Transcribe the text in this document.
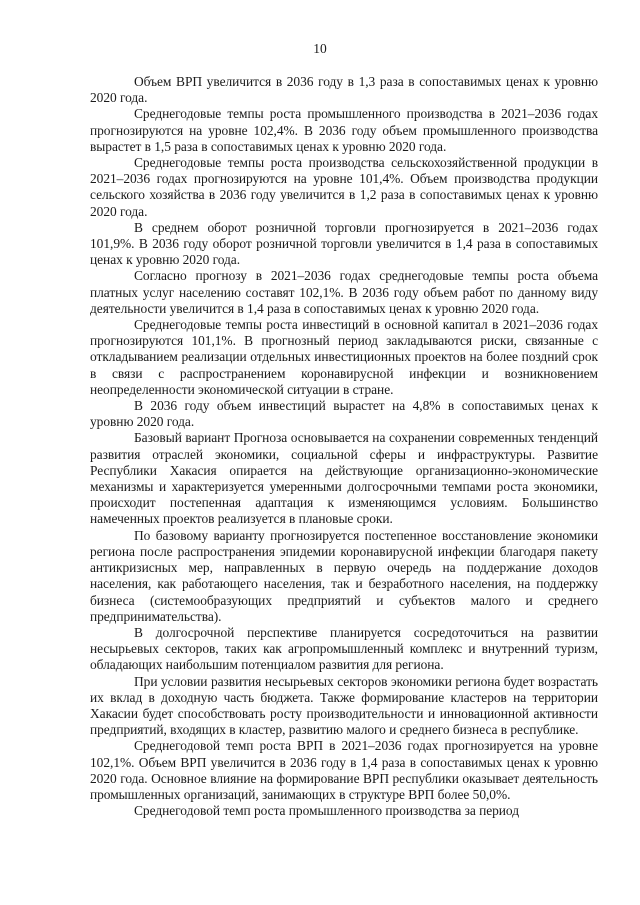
10

Объем ВРП увеличится в 2036 году в 1,3 раза в сопоставимых ценах к уровню 2020 года.

Среднегодовые темпы роста промышленного производства в 2021–2036 годах прогнозируются на уровне 102,4%. В 2036 году объем промышленного производства вырастет в 1,5 раза в сопоставимых ценах к уровню 2020 года.

Среднегодовые темпы роста производства сельскохозяйственной продукции в 2021–2036 годах прогнозируются на уровне 101,4%. Объем производства продукции сельского хозяйства в 2036 году увеличится в 1,2 раза в сопоставимых ценах к уровню 2020 года.

В среднем оборот розничной торговли прогнозируется в 2021–2036 годах 101,9%. В 2036 году оборот розничной торговли увеличится в 1,4 раза в сопоставимых ценах к уровню 2020 года.

Согласно прогнозу в 2021–2036 годах среднегодовые темпы роста объема платных услуг населению составят 102,1%. В 2036 году объем работ по данному виду деятельности увеличится в 1,4 раза в сопоставимых ценах к уровню 2020 года.

Среднегодовые темпы роста инвестиций в основной капитал в 2021–2036 годах прогнозируются 101,1%. В прогнозный период закладываются риски, связанные с откладыванием реализации отдельных инвестиционных проектов на более поздний срок в связи с распространением коронавирусной инфекции и возникновением неопределенности экономической ситуации в стране.

В 2036 году объем инвестиций вырастет на 4,8% в сопоставимых ценах к уровню 2020 года.

Базовый вариант Прогноза основывается на сохранении современных тенденций развития отраслей экономики, социальной сферы и инфраструктуры. Развитие Республики Хакасия опирается на действующие организационно-экономические механизмы и характеризуется умеренными долгосрочными темпами роста экономики, происходит постепенная адаптация к изменяющимся условиям. Большинство намеченных проектов реализуется в плановые сроки.

По базовому варианту прогнозируется постепенное восстановление экономики региона после распространения эпидемии коронавирусной инфекции благодаря пакету антикризисных мер, направленных в первую очередь на поддержание доходов населения, как работающего населения, так и безработного населения, на поддержку бизнеса (системообразующих предприятий и субъектов малого и среднего предпринимательства).

В долгосрочной перспективе планируется сосредоточиться на развитии несырьевых секторов, таких как агропромышленный комплекс и внутренний туризм, обладающих наибольшим потенциалом развития для региона.

При условии развития несырьевых секторов экономики региона будет возрастать их вклад в доходную часть бюджета. Также формирование кластеров на территории Хакасии будет способствовать росту производительности и инновационной активности предприятий, входящих в кластер, развитию малого и среднего бизнеса в республике.

Среднегодовой темп роста ВРП в 2021–2036 годах прогнозируется на уровне 102,1%. Объем ВРП увеличится в 2036 году в 1,4 раза в сопоставимых ценах к уровню 2020 года. Основное влияние на формирование ВРП республики оказывает деятельность промышленных организаций, занимающих в структуре ВРП более 50,0%.

Среднегодовой темп роста промышленного производства за период
